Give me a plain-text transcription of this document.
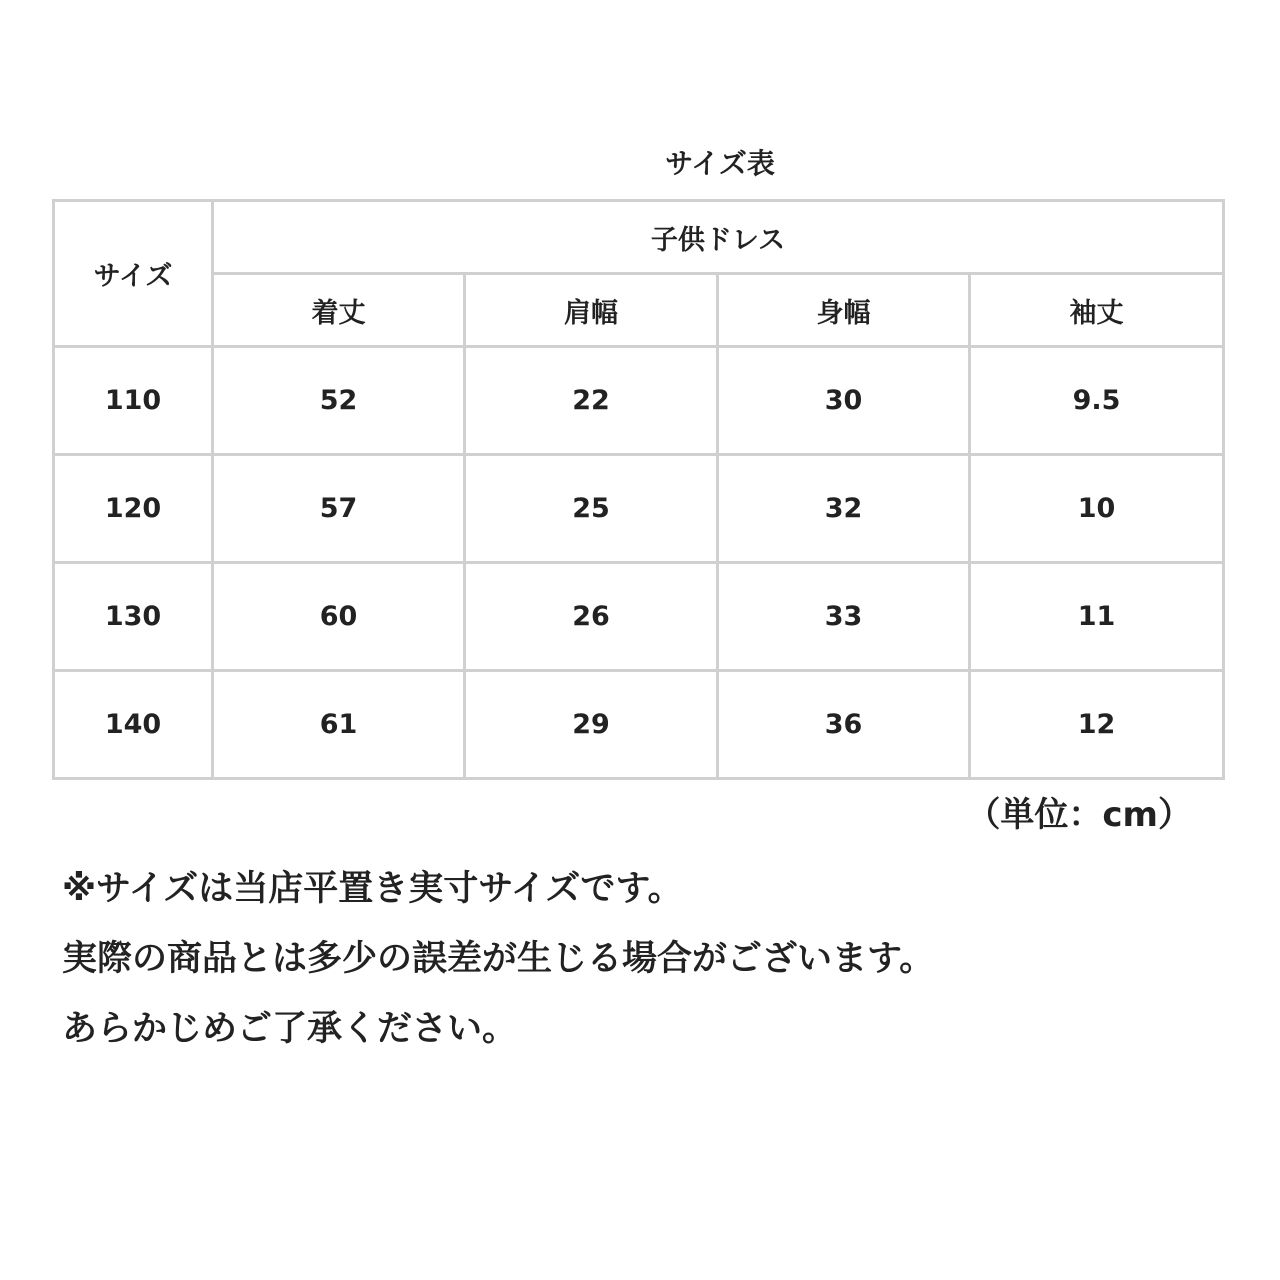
サイズ表
サイズ	子供ドレス			
	着丈	肩幅	身幅	袖丈
110	52	22	30	9.5
120	57	25	32	10
130	60	26	33	11
140	61	29	36	12
（単位：cm）
※サイズは当店平置き実寸サイズです。
実際の商品とは多少の誤差が生じる場合がございます。
あらかじめご了承ください。
